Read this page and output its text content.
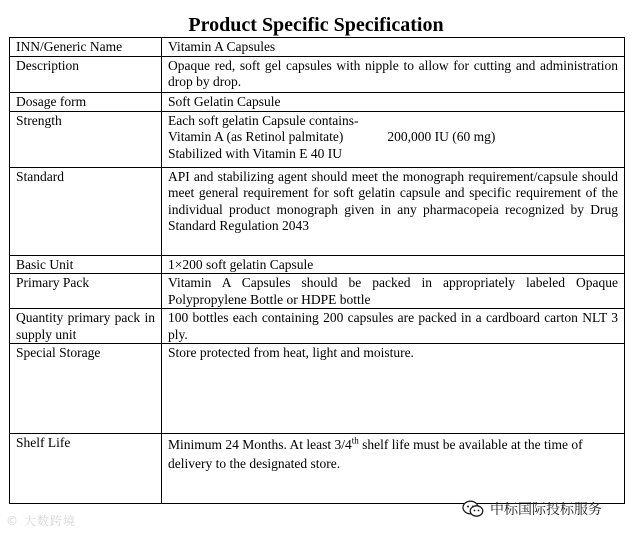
Product Specific Specification
INN/Generic Name	Vitamin A Capsules
Description	Opaque red, soft gel capsules with nipple to allow for cutting and administration drop by drop.
Dosage form	Soft Gelatin Capsule
Strength	Each soft gelatin Capsule contains-
Vitamin A (as Retinol palmitate) 200,000 IU (60 mg)
Stabilized with Vitamin E 40 IU

Standard	API and stabilizing agent should meet the monograph requirement/capsule should meet general requirement for soft gelatin capsule and specific requirement of the individual product monograph given in any pharmacopeia recognized by Drug Standard Regulation 2043
Basic Unit	1×200 soft gelatin Capsule
Primary Pack	Vitamin A Capsules should be packed in appropriately labeled Opaque Polypropylene Bottle or HDPE bottle
Quantity primary pack in supply unit	100 bottles each containing 200 capsules are packed in a cardboard carton NLT 3 ply.
Special Storage	Store protected from heat, light and moisture.
Shelf Life	Minimum 24 Months. At least 3/4th shelf life must be available at the time of delivery to the designated store.
© 大数跨境
中标国际投标服务
